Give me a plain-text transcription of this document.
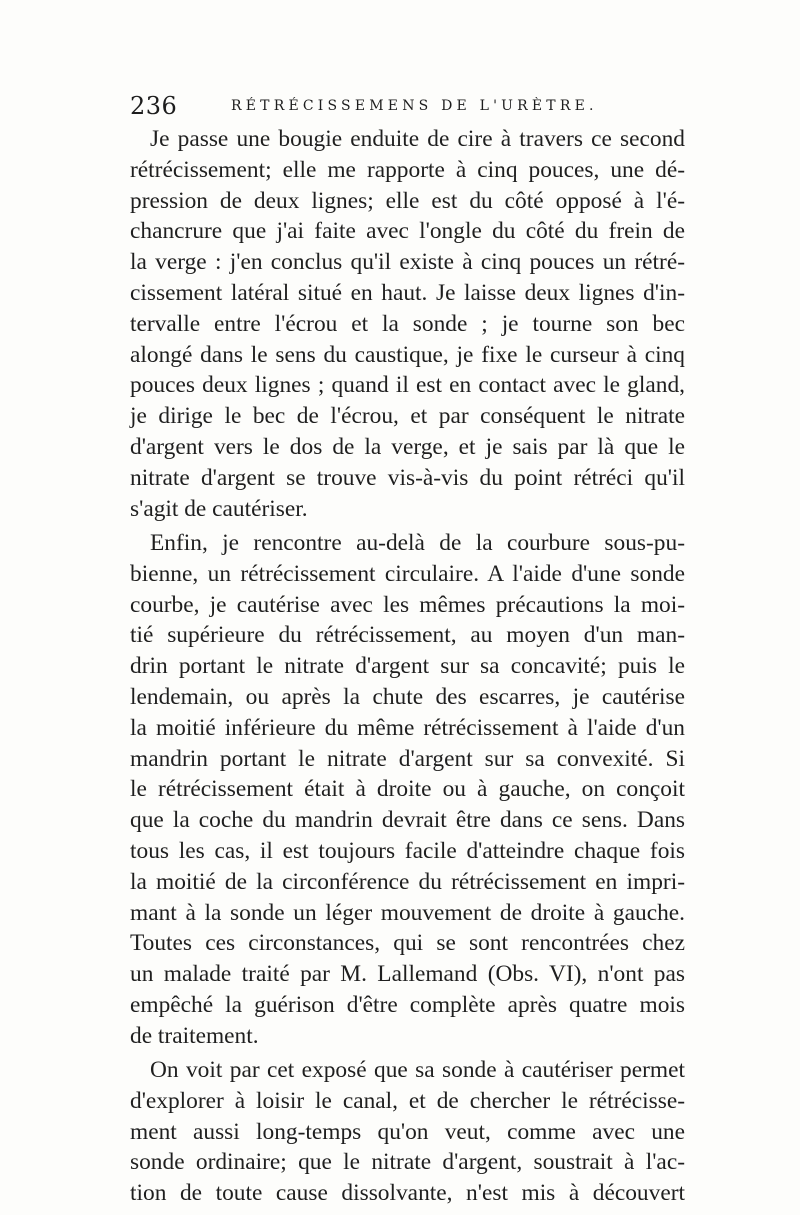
236	RÉTRÉCISSEMENS DE L'URÈTRE.
Je passe une bougie enduite de cire à travers ce second
rétrécissement; elle me rapporte à cinq pouces, une dé-
pression de deux lignes; elle est du côté opposé à l'é-
chancrure que j'ai faite avec l'ongle du côté du frein de
la verge : j'en conclus qu'il existe à cinq pouces un rétré-
cissement latéral situé en haut. Je laisse deux lignes d'in-
tervalle entre l'écrou et la sonde ; je tourne son bec
alongé dans le sens du caustique, je fixe le curseur à cinq
pouces deux lignes ; quand il est en contact avec le gland,
je dirige le bec de l'écrou, et par conséquent le nitrate
d'argent vers le dos de la verge, et je sais par là que le
nitrate d'argent se trouve vis-à-vis du point rétréci qu'il
s'agit de cautériser.
Enfin, je rencontre au-delà de la courbure sous-pu-
bienne, un rétrécissement circulaire. A l'aide d'une sonde
courbe, je cautérise avec les mêmes précautions la moi-
tié supérieure du rétrécissement, au moyen d'un man-
drin portant le nitrate d'argent sur sa concavité; puis le
lendemain, ou après la chute des escarres, je cautérise
la moitié inférieure du même rétrécissement à l'aide d'un
mandrin portant le nitrate d'argent sur sa convexité. Si
le rétrécissement était à droite ou à gauche, on conçoit
que la coche du mandrin devrait être dans ce sens. Dans
tous les cas, il est toujours facile d'atteindre chaque fois
la moitié de la circonférence du rétrécissement en impri-
mant à la sonde un léger mouvement de droite à gauche.
Toutes ces circonstances, qui se sont rencontrées chez
un malade traité par M. Lallemand (Obs. VI), n'ont pas
empêché la guérison d'être complète après quatre mois
de traitement.
On voit par cet exposé que sa sonde à cautériser permet
d'explorer à loisir le canal, et de chercher le rétrécisse-
ment aussi long-temps qu'on veut, comme avec une
sonde ordinaire; que le nitrate d'argent, soustrait à l'ac-
tion de toute cause dissolvante, n'est mis à découvert
